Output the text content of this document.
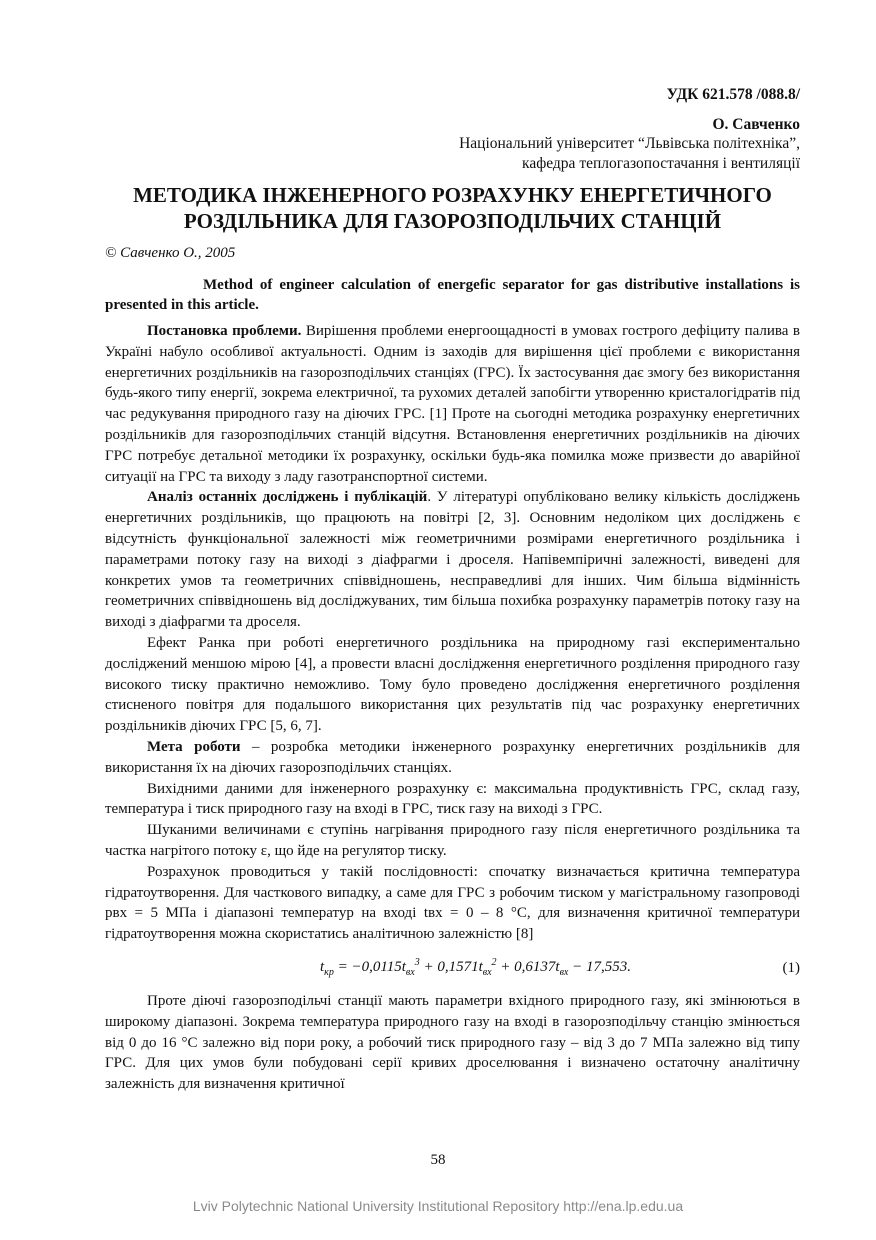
УДК 621.578 /088.8/
О. Савченко
Національний університет “Львівська політехніка”,
кафедра теплогазопостачання і вентиляції
МЕТОДИКА ІНЖЕНЕРНОГО РОЗРАХУНКУ ЕНЕРГЕТИЧНОГО
РОЗДІЛЬНИКА ДЛЯ ГАЗОРОЗПОДІЛЬЧИХ СТАНЦІЙ
© Савченко О., 2005
Method of engineer calculation of energefic separator for gas distributive installations is presented in this article.

Постановка проблеми. Вирішення проблеми енергоощадності в умовах гострого дефіциту палива в Україні набуло особливої актуальності. Одним із заходів для вирішення цієї проблеми є використання енергетичних роздільників на газорозподільчих станціях (ГРС). Їх застосування дає змогу без використання будь-якого типу енергії, зокрема електричної, та рухомих деталей запобігти утворенню кристалогідратів під час редукування природного газу на діючих ГРС. [1] Проте на сьогодні методика розрахунку енергетичних роздільників для газорозподільчих станцій відсутня. Встановлення енергетичних роздільників на діючих ГРС потребує детальної методики їх розрахунку, оскільки будь-яка помилка може призвести до аварійної ситуації на ГРС та виходу з ладу газотранспортної системи.

Аналіз останніх досліджень і публікацій. У літературі опубліковано велику кількість досліджень енергетичних роздільників, що працюють на повітрі [2, 3]. Основним недоліком цих досліджень є відсутність функціональної залежності між геометричними розмірами енергетичного роздільника і параметрами потоку газу на виході з діафрагми і дроселя. Напівемпіричні залежності, виведені для конкретих умов та геометричних співвідношень, несправедливі для інших. Чим більша відмінність геометричних співвідношень від досліджуваних, тим більша похибка розрахунку параметрів потоку газу на виході з діафрагми та дроселя.

Ефект Ранка при роботі енергетичного роздільника на природному газі експериментально досліджений меншою мірою [4], а провести власні дослідження енергетичного розділення природного газу високого тиску практично неможливо. Тому було проведено дослідження енергетичного розділення стисненого повітря для подальшого використання цих результатів під час розрахунку енергетичних роздільників діючих ГРС [5, 6, 7].

Мета роботи – розробка методики інженерного розрахунку енергетичних роздільників для використання їх на діючих газорозподільчих станціях.

Вихідними даними для інженерного розрахунку є: максимальна продуктивність ГРС, склад газу, температура і тиск природного газу на вході в ГРС, тиск газу на виході з ГРС.

Шуканими величинами є ступінь нагрівання природного газу після енергетичного роздільника та частка нагрітого потоку ε, що йде на регулятор тиску.

Розрахунок проводиться у такій послідовності: спочатку визначається критична температура гідратоутворення. Для часткового випадку, а саме для ГРС з робочим тиском у магістральному газопроводі pвх = 5 МПа і діапазоні температур на вході tвх = 0 – 8 °С, для визначення критичної температури гідратоутворення можна скористатись аналітичною залежністю [8]

$t_{кр} = -0,0115t_{вх}^3 + 0,1571t_{вх}^2 + 0,6137t_{вх} - 17,553$.	(1)

Проте діючі газорозподільчі станції мають параметри вхідного природного газу, які змінюються в широкому діапазоні. Зокрема температура природного газу на вході в газорозподільчу станцію змінюється від 0 до 16 °С залежно від пори року, а робочий тиск природного газу – від 3 до 7 МПа залежно від типу ГРС. Для цих умов були побудовані серії кривих дроселювання і визначено остаточну аналітичну залежність для визначення критичної

58
Lviv Polytechnic National University Institutional Repository http://ena.lp.edu.ua
